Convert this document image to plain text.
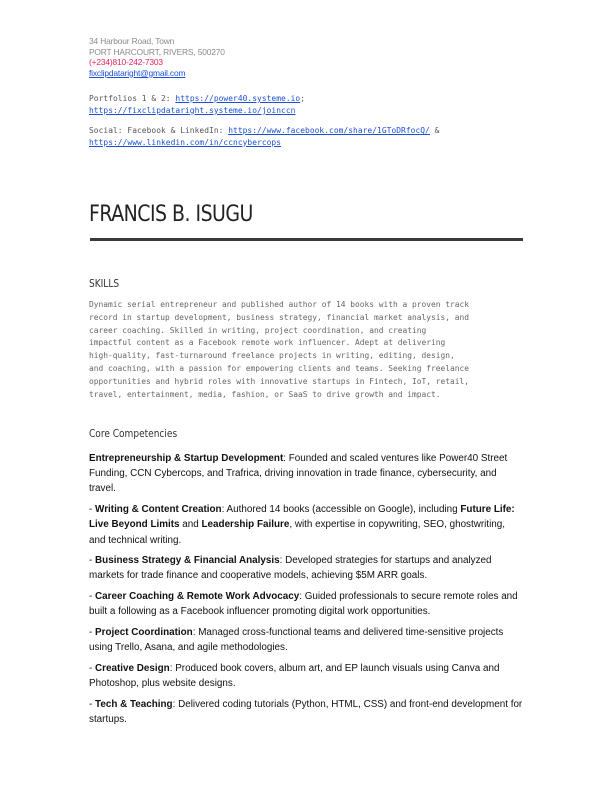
34 Harbour Road, Town
PORT HARCOURT, RIVERS, 500270
(+234)810-242-7303
fixclipdataright@gmail.com
Portfolios 1 & 2: https://power40.systeme.io;
https://fixclipdataright.systeme.io/joinccn
Social: Facebook & LinkedIn: https://www.facebook.com/share/1GToDRfocQ/ &
https://www.linkedin.com/in/ccncybercops
FRANCIS B. ISUGU
SKILLS
Dynamic serial entrepreneur and published author of 14 books with a proven track
record in startup development, business strategy, financial market analysis, and
career coaching. Skilled in writing, project coordination, and creating
impactful content as a Facebook remote work influencer. Adept at delivering
high-quality, fast-turnaround freelance projects in writing, editing, design,
and coaching, with a passion for empowering clients and teams. Seeking freelance
opportunities and hybrid roles with innovative startups in Fintech, IoT, retail,
travel, entertainment, media, fashion, or SaaS to drive growth and impact.
Core Competencies
Entrepreneurship & Startup Development: Founded and scaled ventures like Power40 Street Funding, CCN Cybercops, and Trafrica, driving innovation in trade finance, cybersecurity, and travel.
- Writing & Content Creation: Authored 14 books (accessible on Google), including Future Life: Live Beyond Limits and Leadership Failure, with expertise in copywriting, SEO, ghostwriting, and technical writing.
- Business Strategy & Financial Analysis: Developed strategies for startups and analyzed markets for trade finance and cooperative models, achieving $5M ARR goals.
- Career Coaching & Remote Work Advocacy: Guided professionals to secure remote roles and built a following as a Facebook influencer promoting digital work opportunities.
- Project Coordination: Managed cross-functional teams and delivered time-sensitive projects using Trello, Asana, and agile methodologies.
- Creative Design: Produced book covers, album art, and EP launch visuals using Canva and Photoshop, plus website designs.
- Tech & Teaching: Delivered coding tutorials (Python, HTML, CSS) and front-end development for startups.
